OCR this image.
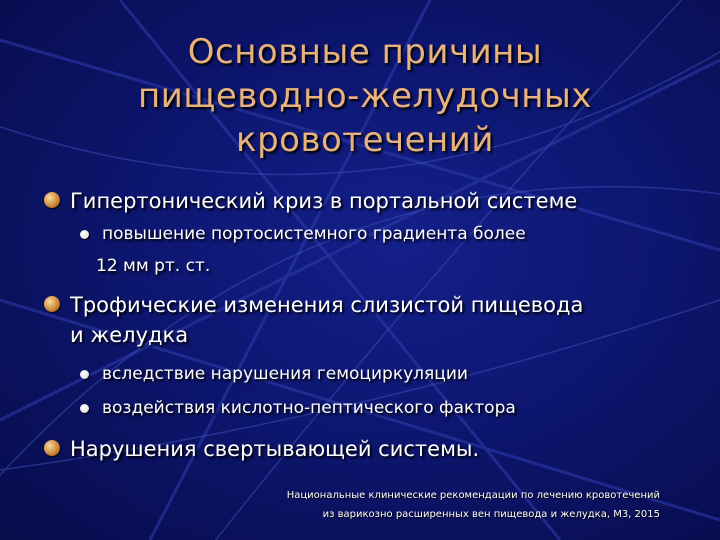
Основные причины
пищеводно-желудочных
кровотечений
Гипертонический криз в портальной системе
повышение портосистемного градиента более
12 мм рт. ст.
Трофические изменения слизистой пищевода
и желудка
вследствие нарушения гемоциркуляции
воздействия кислотно-пептического фактора
Нарушения свертывающей системы.
Национальные клинические рекомендации по лечению кровотечений
из варикозно расширенных вен пищевода и желудка, М3, 2015
